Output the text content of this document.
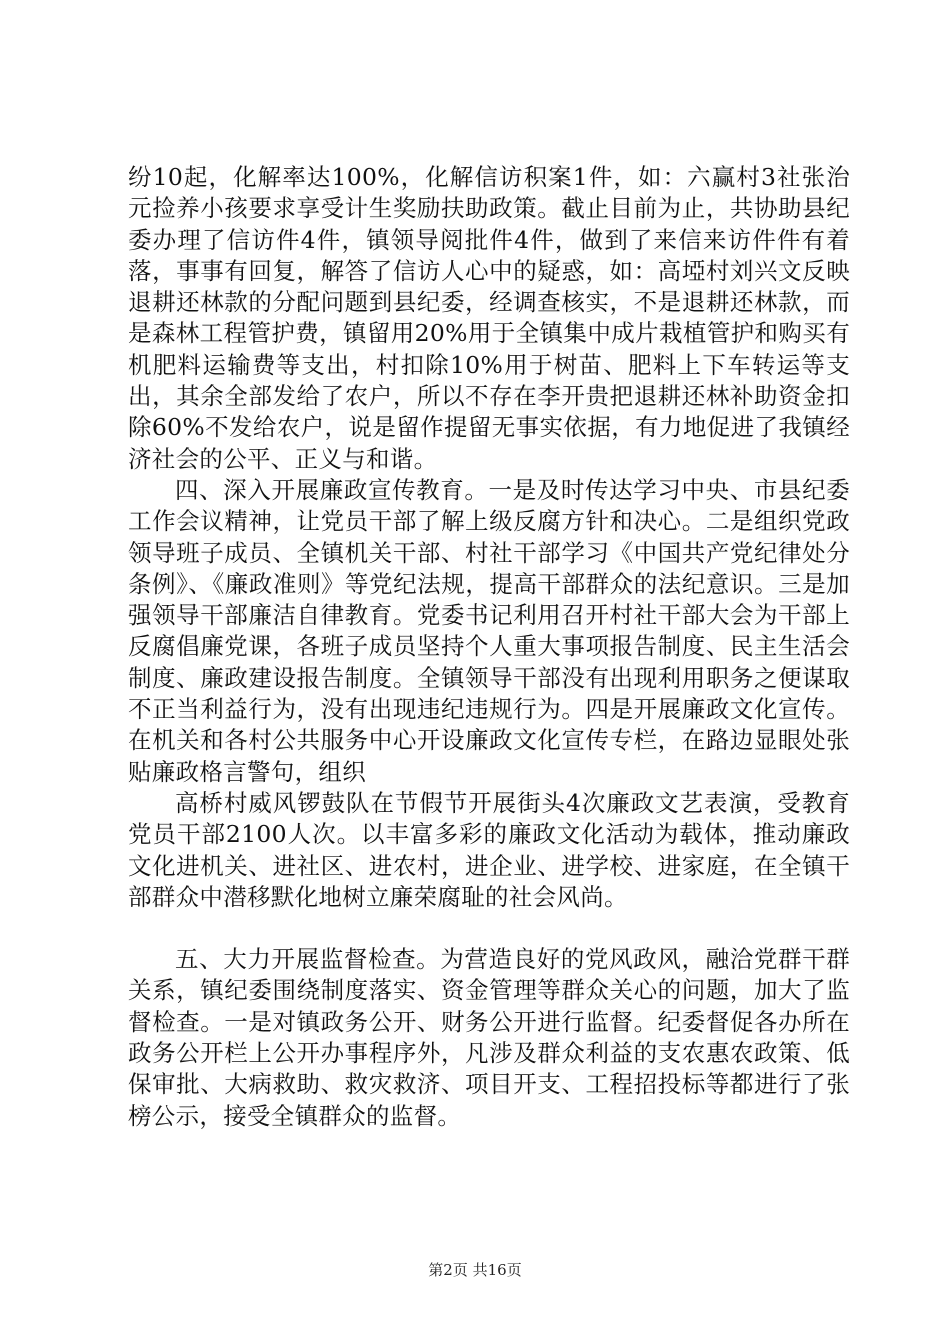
纷10起，化解率达100%，化解信访积案1件，如：六赢村3社张治元捡养小孩要求享受计生奖励扶助政策。截止目前为止，共协助县纪委办理了信访件4件，镇领导阅批件4件，做到了来信来访件件有着落，事事有回复，解答了信访人心中的疑惑，如：高埡村刘兴文反映退耕还林款的分配问题到县纪委，经调查核实，不是退耕还林款，而是森林工程管护费，镇留用20%用于全镇集中成片栽植管护和购买有机肥料运输费等支出，村扣除10%用于树苗、肥料上下车转运等支出，其余全部发给了农户，所以不存在李开贵把退耕还林补助资金扣除60%不发给农户，说是留作提留无事实依据，有力地促进了我镇经济社会的公平、正义与和谐。

四、深入开展廉政宣传教育。一是及时传达学习中央、市县纪委工作会议精神，让党员干部了解上级反腐方针和决心。二是组织党政领导班子成员、全镇机关干部、村社干部学习《中国共产党纪律处分条例》、《廉政准则》等党纪法规，提高干部群众的法纪意识。三是加强领导干部廉洁自律教育。党委书记利用召开村社干部大会为干部上反腐倡廉党课，各班子成员坚持个人重大事项报告制度、民主生活会制度、廉政建设报告制度。全镇领导干部没有出现利用职务之便谋取不正当利益行为，没有出现违纪违规行为。四是开展廉政文化宣传。在机关和各村公共服务中心开设廉政文化宣传专栏，在路边显眼处张贴廉政格言警句，组织

高桥村威风锣鼓队在节假节开展街头4次廉政文艺表演，受教育党员干部2100人次。以丰富多彩的廉政文化活动为载体，推动廉政文化进机关、进社区、进农村，进企业、进学校、进家庭，在全镇干部群众中潜移默化地树立廉荣腐耻的社会风尚。

五、大力开展监督检查。为营造良好的党风政风，融洽党群干群关系，镇纪委围绕制度落实、资金管理等群众关心的问题，加大了监督检查。一是对镇政务公开、财务公开进行监督。纪委督促各办所在政务公开栏上公开办事程序外，凡涉及群众利益的支农惠农政策、低保审批、大病救助、救灾救济、项目开支、工程招投标等都进行了张榜公示，接受全镇群众的监督。

第2页 共16页
